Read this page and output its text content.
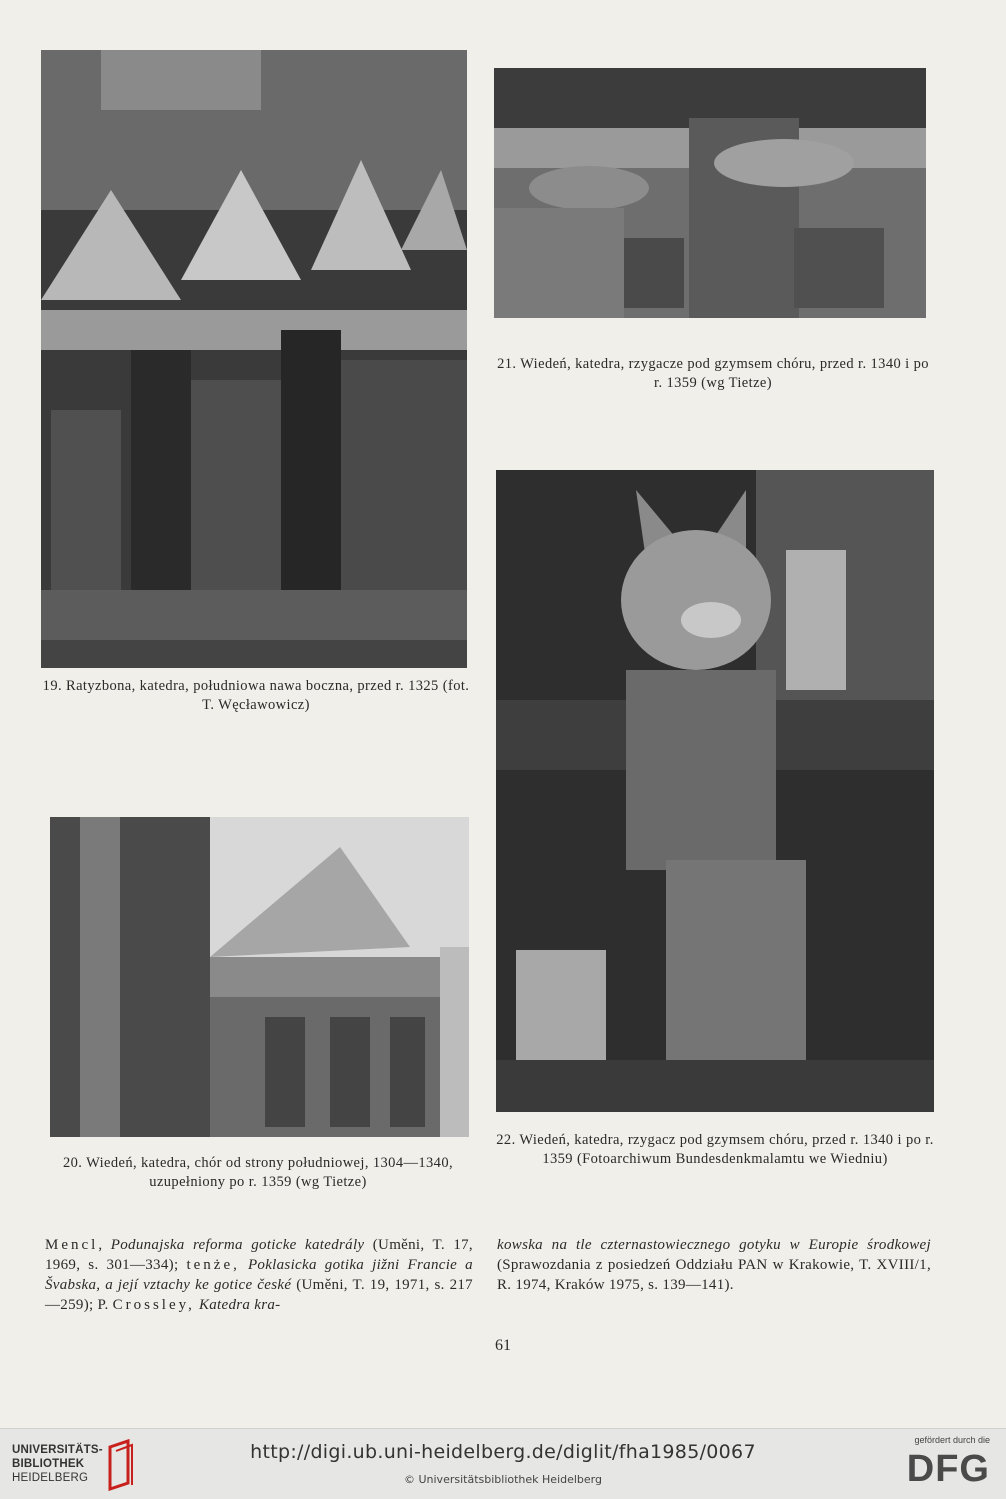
19. Ratyzbona, katedra, południowa nawa boczna, przed r. 1325 (fot. T. Węcławowicz)
21. Wiedeń, katedra, rzygacze pod gzymsem chóru, przed r. 1340 i po r. 1359 (wg Tietze)
22. Wiedeń, katedra, rzygacz pod gzymsem chóru, przed r. 1340 i po r. 1359 (Fotoarchiwum Bundesdenkmalamtu we Wiedniu)
20. Wiedeń, katedra, chór od strony południowej, 1304—1340, uzupełniony po r. 1359 (wg Tietze)
Mencl, Podunajska reforma goticke katedrály (Uměni, T. 17, 1969, s. 301—334); tenże, Poklasicka gotika jižni Francie a Švabska, a její vztachy ke gotice české (Uměni, T. 19, 1971, s. 217—259); P. Crossley, Katedra kra-
kowska na tle czternastowiecznego gotyku w Europie środkowej (Sprawozdania z posiedzeń Oddziału PAN w Krakowie, T. XVIII/1, R. 1974, Kraków 1975, s. 139—141).
61
UNIVERSITÄTS-
BIBLIOTHEK
HEIDELBERG
http://digi.ub.uni-heidelberg.de/diglit/fha1985/0067
© Universitätsbibliothek Heidelberg
gefördert durch die
DFG
